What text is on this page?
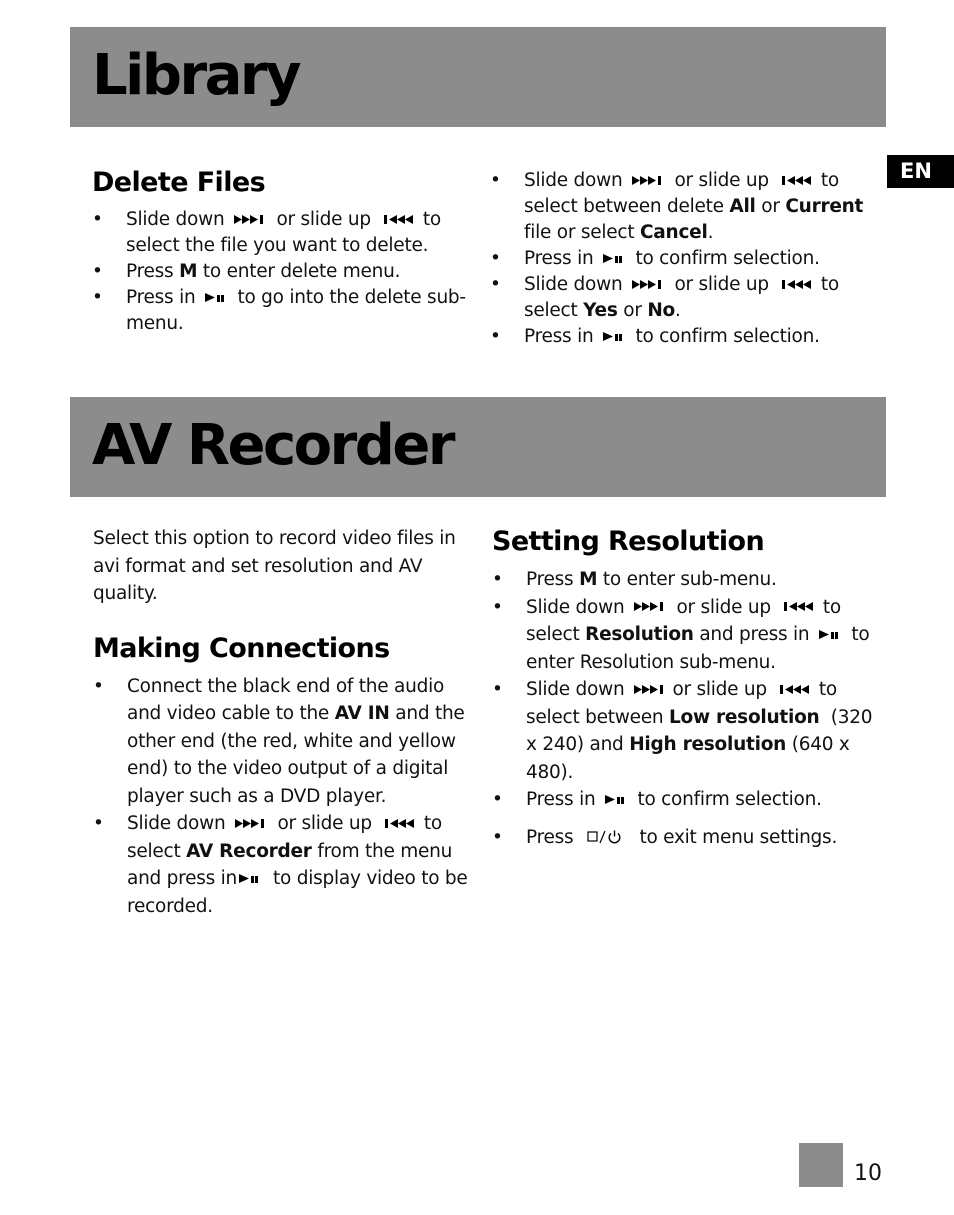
Library
EN
Delete Files
• Slide down	or slide up	to
select the file you want to delete.
• Press M to enter delete menu.
• Press in to go into the delete sub-
menu.
• Slide down	or slide up	to
select between delete All or Current
file or select Cancel.
• Press in to confirm selection.
• Slide down	or slide up	to
select Yes or No.
• Press in to confirm selection.
AV Recorder

Select this option to record video files in
avi format and set resolution and AV
quality.

Making Connections
• Connect the black end of the audio
and video cable to the AV IN and the
other end (the red, white and yellow
end) to the video output of a digital
player such as a DVD player.
• Slide down	or slide up	to
select AV Recorder from the menu
and press in to display video to be
recorded.
Setting Resolution
• Press M to enter sub-menu.
• Slide down	or slide up	to
select Resolution and press in to
enter Resolution sub-menu.
• Slide down	or slide up	to
select between Low resolution  (320
x 240) and High resolution (640 x
480).
• Press in to confirm selection.
• Press	to exit menu settings.
10
